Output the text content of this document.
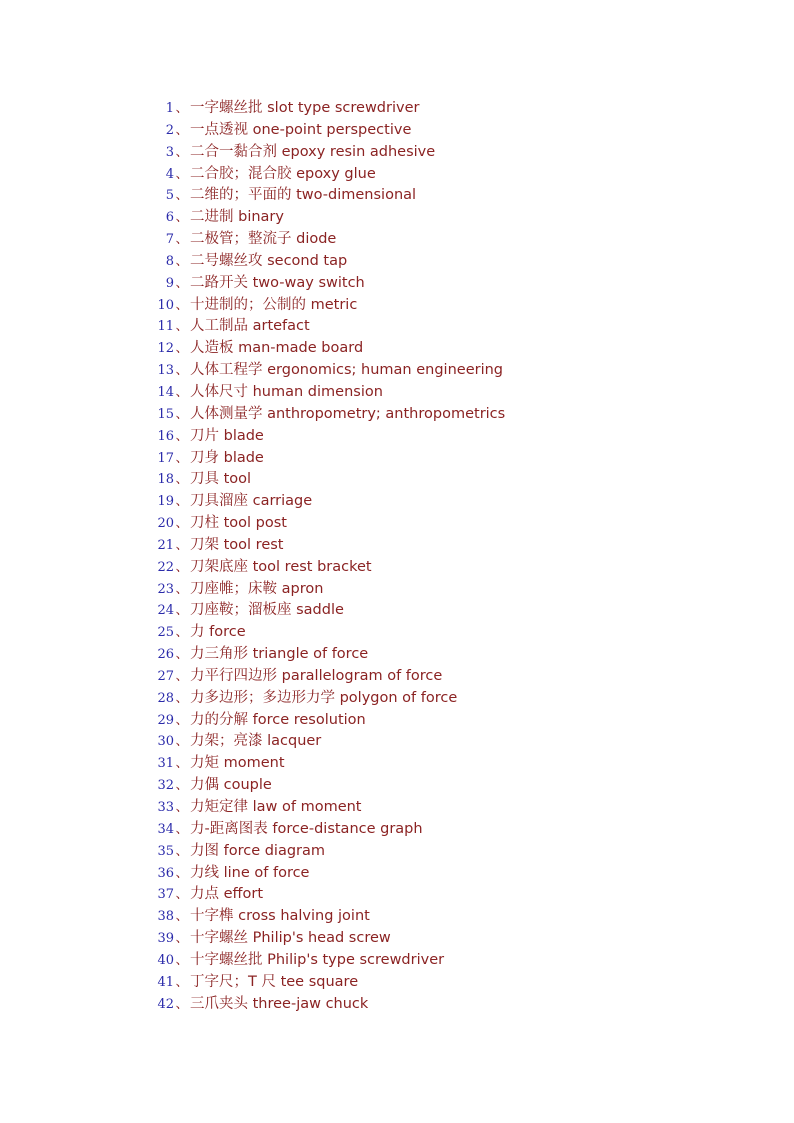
1、 一字螺丝批 slot type screwdriver
2、 一点透视 one-point perspective
3、 二合一黏合剂 epoxy resin adhesive
4、 二合胶；混合胶 epoxy glue
5、 二维的；平面的 two-dimensional
6、 二进制 binary
7、 二极管；整流子 diode
8、 二号螺丝攻 second tap
9、 二路开关 two-way switch
10、 十进制的；公制的 metric
11、 人工制品 artefact
12、 人造板 man-made board
13、 人体工程学 ergonomics; human engineering
14、 人体尺寸 human dimension
15、 人体测量学 anthropometry; anthropometrics
16、 刀片 blade
17、 刀身 blade
18、 刀具 tool
19、 刀具溜座 carriage
20、 刀柱 tool post
21、 刀架 tool rest
22、 刀架底座 tool rest bracket
23、 刀座帷；床鞍 apron
24、 刀座鞍；溜板座 saddle
25、 力 force
26、 力三角形 triangle of force
27、 力平行四边形 parallelogram of force
28、 力多边形；多边形力学 polygon of force
29、 力的分解 force resolution
30、 力架；亮漆 lacquer
31、 力矩 moment
32、 力偶 couple
33、 力矩定律 law of moment
34、 力-距离图表 force-distance graph
35、 力图 force diagram
36、 力线 line of force
37、 力点 effort
38、 十字榫 cross halving joint
39、 十字螺丝 Philip's head screw
40、 十字螺丝批 Philip's type screwdriver
41、 丁字尺；T 尺 tee square
42、 三爪夹头 three-jaw chuck
